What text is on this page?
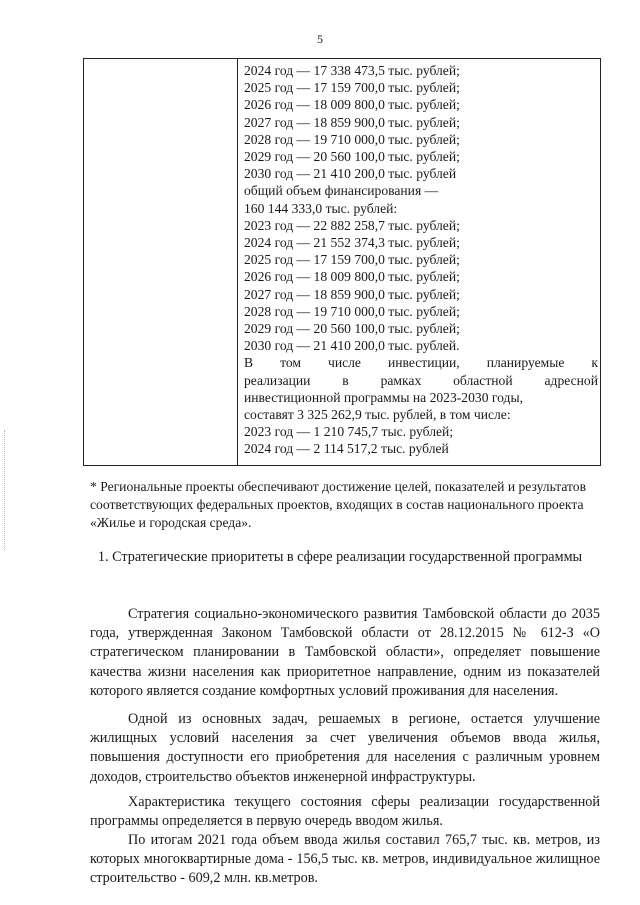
5
2024 год — 17 338 473,5 тыс. рублей;
2025 год — 17 159 700,0 тыс. рублей;
2026 год — 18 009 800,0 тыс. рублей;
2027 год — 18 859 900,0 тыс. рублей;
2028 год — 19 710 000,0 тыс. рублей;
2029 год — 20 560 100,0 тыс. рублей;
2030 год — 21 410 200,0 тыс. рублей
общий объем финансирования —
160 144 333,0 тыс. рублей:
2023 год — 22 882 258,7 тыс. рублей;
2024 год — 21 552 374,3 тыс. рублей;
2025 год — 17 159 700,0 тыс. рублей;
2026 год — 18 009 800,0 тыс. рублей;
2027 год — 18 859 900,0 тыс. рублей;
2028 год — 19 710 000,0 тыс. рублей;
2029 год — 20 560 100,0 тыс. рублей;
2030 год — 21 410 200,0 тыс. рублей.
В том числе инвестиции, планируемые к
реализации в рамках областной адресной
инвестиционной программы на 2023-2030 годы,
составят 3 325 262,9 тыс. рублей, в том числе:
2023 год — 1 210 745,7 тыс. рублей;
2024 год — 2 114 517,2 тыс. рублей
* Региональные проекты обеспечивают достижение целей, показателей и результатов соответствующих федеральных проектов, входящих в состав национального проекта «Жилье и городская среда».
1. Стратегические приоритеты в сфере реализации государственной программы

Стратегия социально-экономического развития Тамбовской области до 2035 года, утвержденная Законом Тамбовской области от 28.12.2015 № 612-З «О стратегическом планировании в Тамбовской области», определяет повышение качества жизни населения как приоритетное направление, одним из показателей которого является создание комфортных условий проживания для населения.

Одной из основных задач, решаемых в регионе, остается улучшение жилищных условий населения за счет увеличения объемов ввода жилья, повышения доступности его приобретения для населения с различным уровнем доходов, строительство объектов инженерной инфраструктуры.

Характеристика текущего состояния сферы реализации государственной программы определяется в первую очередь вводом жилья.

По итогам 2021 года объем ввода жилья составил 765,7 тыс. кв. метров, из которых многоквартирные дома - 156,5 тыс. кв. метров, индивидуальное жилищное строительство - 609,2 млн. кв.метров.
